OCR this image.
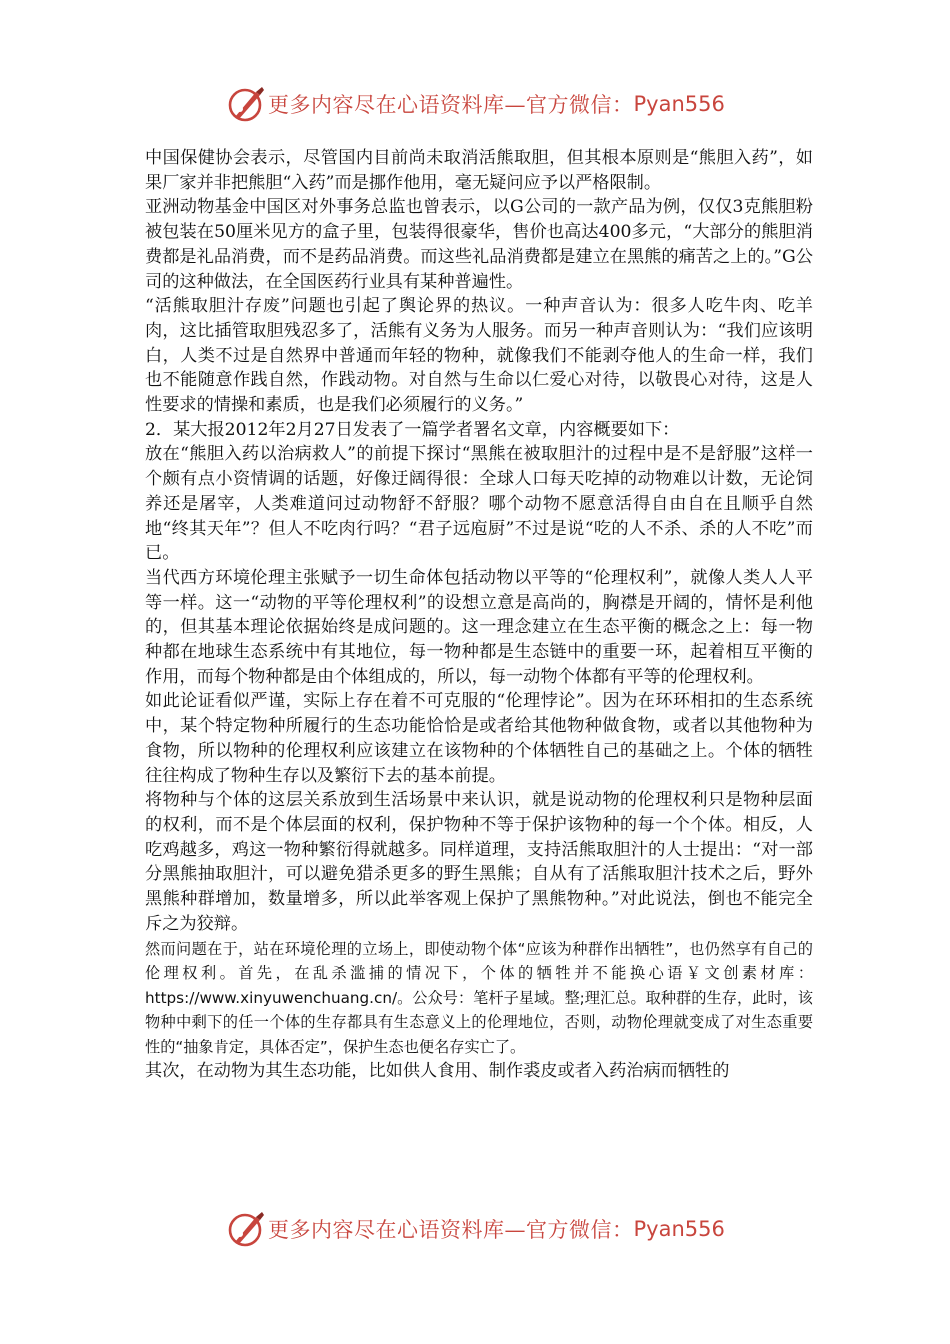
更多内容尽在心语资料库—官方微信： Pyan556

中国保健协会表示，尽管国内目前尚未取消活熊取胆，但其根本原则是“熊胆入药”，如果厂家并非把熊胆“入药”而是挪作他用，毫无疑问应予以严格限制。

亚洲动物基金中国区对外事务总监也曾表示，以G公司的一款产品为例，仅仅3克熊胆粉被包装在50厘米见方的盒子里，包装得很豪华，售价也高达400多元，“大部分的熊胆消费都是礼品消费，而不是药品消费。而这些礼品消费都是建立在黑熊的痛苦之上的。”G公司的这种做法，在全国医药行业具有某种普遍性。

“活熊取胆汁存废”问题也引起了舆论界的热议。一种声音认为：很多人吃牛肉、吃羊肉，这比插管取胆残忍多了，活熊有义务为人服务。而另一种声音则认为：“我们应该明白，人类不过是自然界中普通而年轻的物种，就像我们不能剥夺他人的生命一样，我们也不能随意作践自然，作践动物。对自然与生命以仁爱心对待，以敬畏心对待，这是人性要求的情操和素质，也是我们必须履行的义务。”

2．某大报2012年2月27日发表了一篇学者署名文章，内容概要如下：

放在“熊胆入药以治病救人”的前提下探讨“黑熊在被取胆汁的过程中是不是舒服”这样一个颇有点小资情调的话题，好像迂阔得很：全球人口每天吃掉的动物难以计数，无论饲养还是屠宰，人类难道问过动物舒不舒服？哪个动物不愿意活得自由自在且顺乎自然地“终其天年”？但人不吃肉行吗？“君子远庖厨”不过是说“吃的人不杀、杀的人不吃”而已。

当代西方环境伦理主张赋予一切生命体包括动物以平等的“伦理权利”，就像人类人人平等一样。这一“动物的平等伦理权利”的设想立意是高尚的，胸襟是开阔的，情怀是利他的，但其基本理论依据始终是成问题的。这一理念建立在生态平衡的概念之上：每一物种都在地球生态系统中有其地位，每一物种都是生态链中的重要一环，起着相互平衡的作用，而每个物种都是由个体组成的，所以，每一动物个体都有平等的伦理权利。

如此论证看似严谨，实际上存在着不可克服的“伦理悖论”。因为在环环相扣的生态系统中，某个特定物种所履行的生态功能恰恰是或者给其他物种做食物，或者以其他物种为食物，所以物种的伦理权利应该建立在该物种的个体牺牲自己的基础之上。个体的牺牲往往构成了物种生存以及繁衍下去的基本前提。

将物种与个体的这层关系放到生活场景中来认识，就是说动物的伦理权利只是物种层面的权利，而不是个体层面的权利，保护物种不等于保护该物种的每一个个体。相反，人吃鸡越多，鸡这一物种繁衍得就越多。同样道理，支持活熊取胆汁的人士提出：“对一部分黑熊抽取胆汁，可以避免猎杀更多的野生黑熊；自从有了活熊取胆汁技术之后，野外黑熊种群增加，数量增多，所以此举客观上保护了黑熊物种。”对此说法，倒也不能完全斥之为狡辩。

然而问题在于，站在环境伦理的立场上，即使动物个体“应该为种群作出牺牲”，也仍然享有自己的伦理权利。首先，在乱杀滥捕的情况下，个体的牺牲并不能换心语￥文创素材库：https://www.xinyuwenchuang.cn/。公众号：笔杆子星域。整;理汇总。取种群的生存，此时，该物种中剩下的任一个体的生存都具有生态意义上的伦理地位，否则，动物伦理就变成了对生态重要性的“抽象肯定，具体否定”，保护生态也便名存实亡了。

其次，在动物为其生态功能，比如供人食用、制作裘皮或者入药治病而牺牲的

更多内容尽在心语资料库—官方微信： Pyan556
